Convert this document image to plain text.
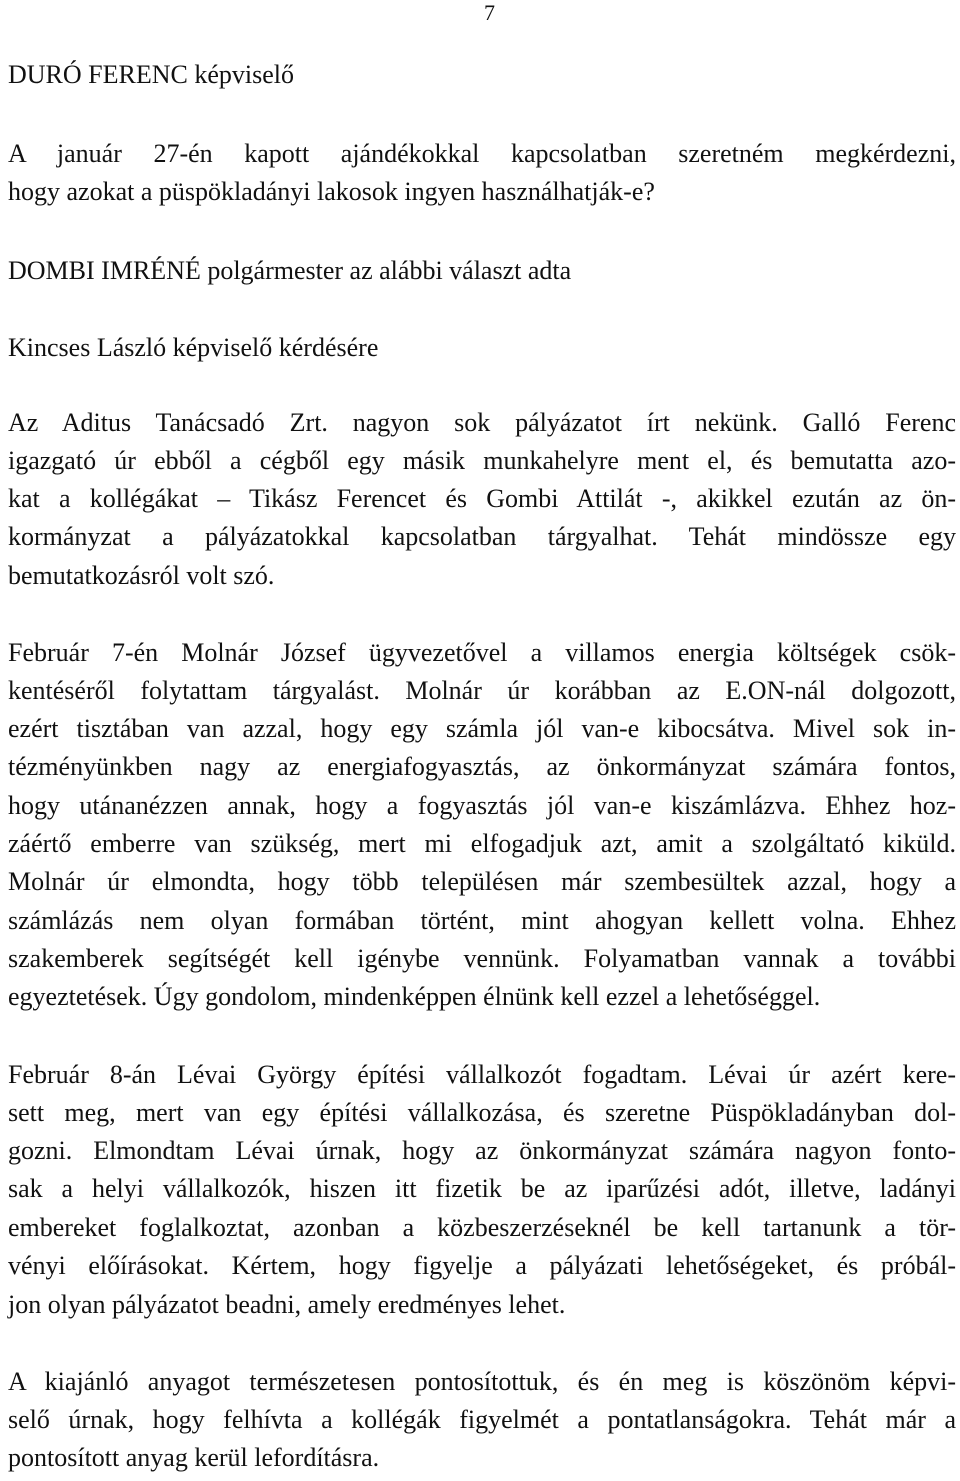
7
DURÓ FERENC képviselő
A január 27-én kapott ajándékokkal kapcsolatban szeretném megkérdezni,
hogy azokat a püspökladányi lakosok ingyen használhatják-e?
DOMBI IMRÉNÉ polgármester az alábbi választ adta
Kincses László képviselő kérdésére
Az Aditus Tanácsadó Zrt. nagyon sok pályázatot írt nekünk. Galló Ferenc
igazgató úr ebből a cégből egy másik munkahelyre ment el, és bemutatta azo-
kat a kollégákat – Tikász Ferencet és Gombi Attilát -, akikkel ezután az ön-
kormányzat a pályázatokkal kapcsolatban tárgyalhat. Tehát mindössze egy
bemutatkozásról volt szó.
Február 7-én Molnár József ügyvezetővel a villamos energia költségek csök-
kentéséről folytattam tárgyalást. Molnár úr korábban az E.ON-nál dolgozott,
ezért tisztában van azzal, hogy egy számla jól van-e kibocsátva. Mivel sok in-
tézményünkben nagy az energiafogyasztás, az önkormányzat számára fontos,
hogy utánanézzen annak, hogy a fogyasztás jól van-e kiszámlázva. Ehhez hoz-
záértő emberre van szükség, mert mi elfogadjuk azt, amit a szolgáltató kiküld.
Molnár úr elmondta, hogy több településen már szembesültek azzal, hogy a
számlázás nem olyan formában történt, mint ahogyan kellett volna. Ehhez
szakemberek segítségét kell igénybe vennünk. Folyamatban vannak a további
egyeztetések. Úgy gondolom, mindenképpen élnünk kell ezzel a lehetőséggel.
Február 8-án Lévai György építési vállalkozót fogadtam. Lévai úr azért kere-
sett meg, mert van egy építési vállalkozása, és szeretne Püspökladányban dol-
gozni. Elmondtam Lévai úrnak, hogy az önkormányzat számára nagyon fonto-
sak a helyi vállalkozók, hiszen itt fizetik be az iparűzési adót, illetve, ladányi
embereket foglalkoztat, azonban a közbeszerzéseknél be kell tartanunk a tör-
vényi előírásokat. Kértem, hogy figyelje a pályázati lehetőségeket, és próbál-
jon olyan pályázatot beadni, amely eredményes lehet.
A kiajánló anyagot természetesen pontosítottuk, és én meg is köszönöm képvi-
selő úrnak, hogy felhívta a kollégák figyelmét a pontatlanságokra. Tehát már a
pontosított anyag kerül lefordításra.
